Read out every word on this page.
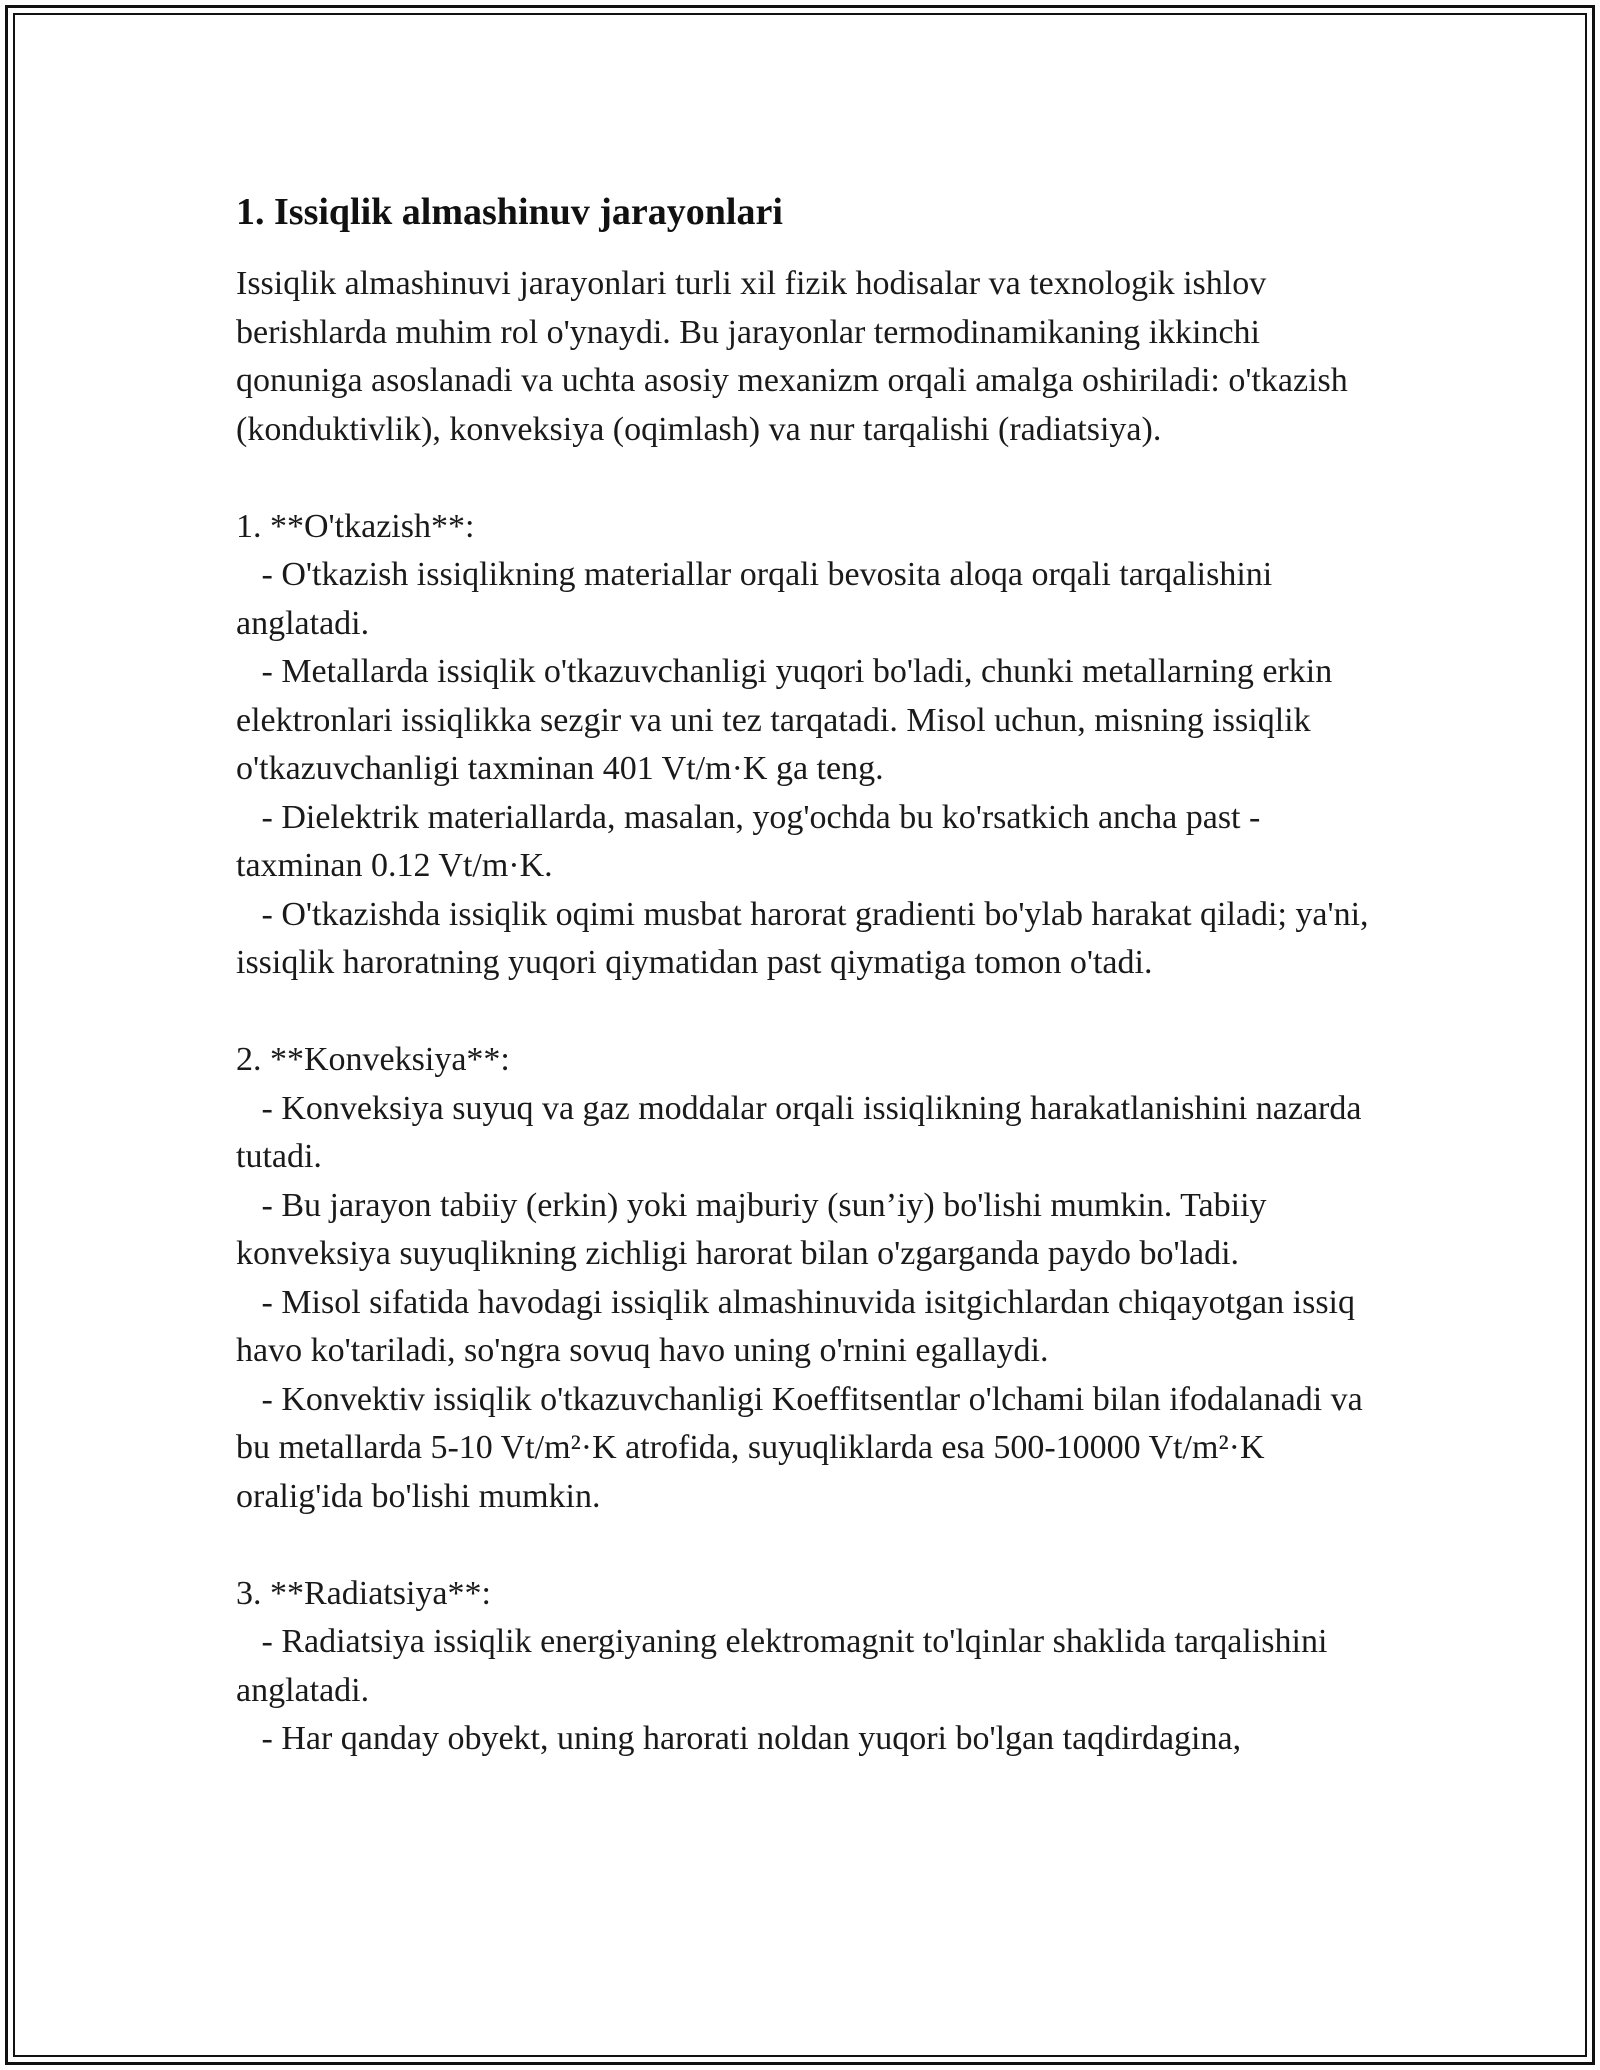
1. Issiqlik almashinuv jarayonlari
Issiqlik almashinuvi jarayonlari turli xil fizik hodisalar va texnologik ishlov berishlarda muhim rol o'ynaydi. Bu jarayonlar termodinamikaning ikkinchi qonuniga asoslanadi va uchta asosiy mexanizm orqali amalga oshiriladi: o'tkazish (konduktivlik), konveksiya (oqimlash) va nur tarqalishi (radiatsiya).

1. **O'tkazish**:
- O'tkazish issiqlikning materiallar orqali bevosita aloqa orqali tarqalishini anglatadi.
- Metallarda issiqlik o'tkazuvchanligi yuqori bo'ladi, chunki metallarning erkin elektronlari issiqlikka sezgir va uni tez tarqatadi. Misol uchun, misning issiqlik o'tkazuvchanligi taxminan 401 Vt/m·K ga teng.
- Dielektrik materiallarda, masalan, yog'ochda bu ko'rsatkich ancha past - taxminan 0.12 Vt/m·K.
- O'tkazishda issiqlik oqimi musbat harorat gradienti bo'ylab harakat qiladi; ya'ni, issiqlik haroratning yuqori qiymatidan past qiymatiga tomon o'tadi.

2. **Konveksiya**:
- Konveksiya suyuq va gaz moddalar orqali issiqlikning harakatlanishini nazarda tutadi.
- Bu jarayon tabiiy (erkin) yoki majburiy (sun’iy) bo'lishi mumkin. Tabiiy konveksiya suyuqlikning zichligi harorat bilan o'zgarganda paydo bo'ladi.
- Misol sifatida havodagi issiqlik almashinuvida isitgichlardan chiqayotgan issiq havo ko'tariladi, so'ngra sovuq havo uning o'rnini egallaydi.
- Konvektiv issiqlik o'tkazuvchanligi Koeffitsentlar o'lchami bilan ifodalanadi va bu metallarda 5-10 Vt/m²·K atrofida, suyuqliklarda esa 500-10000 Vt/m²·K oralig'ida bo'lishi mumkin.

3. **Radiatsiya**:
- Radiatsiya issiqlik energiyaning elektromagnit to'lqinlar shaklida tarqalishini anglatadi.
- Har qanday obyekt, uning harorati noldan yuqori bo'lgan taqdirdagina,
